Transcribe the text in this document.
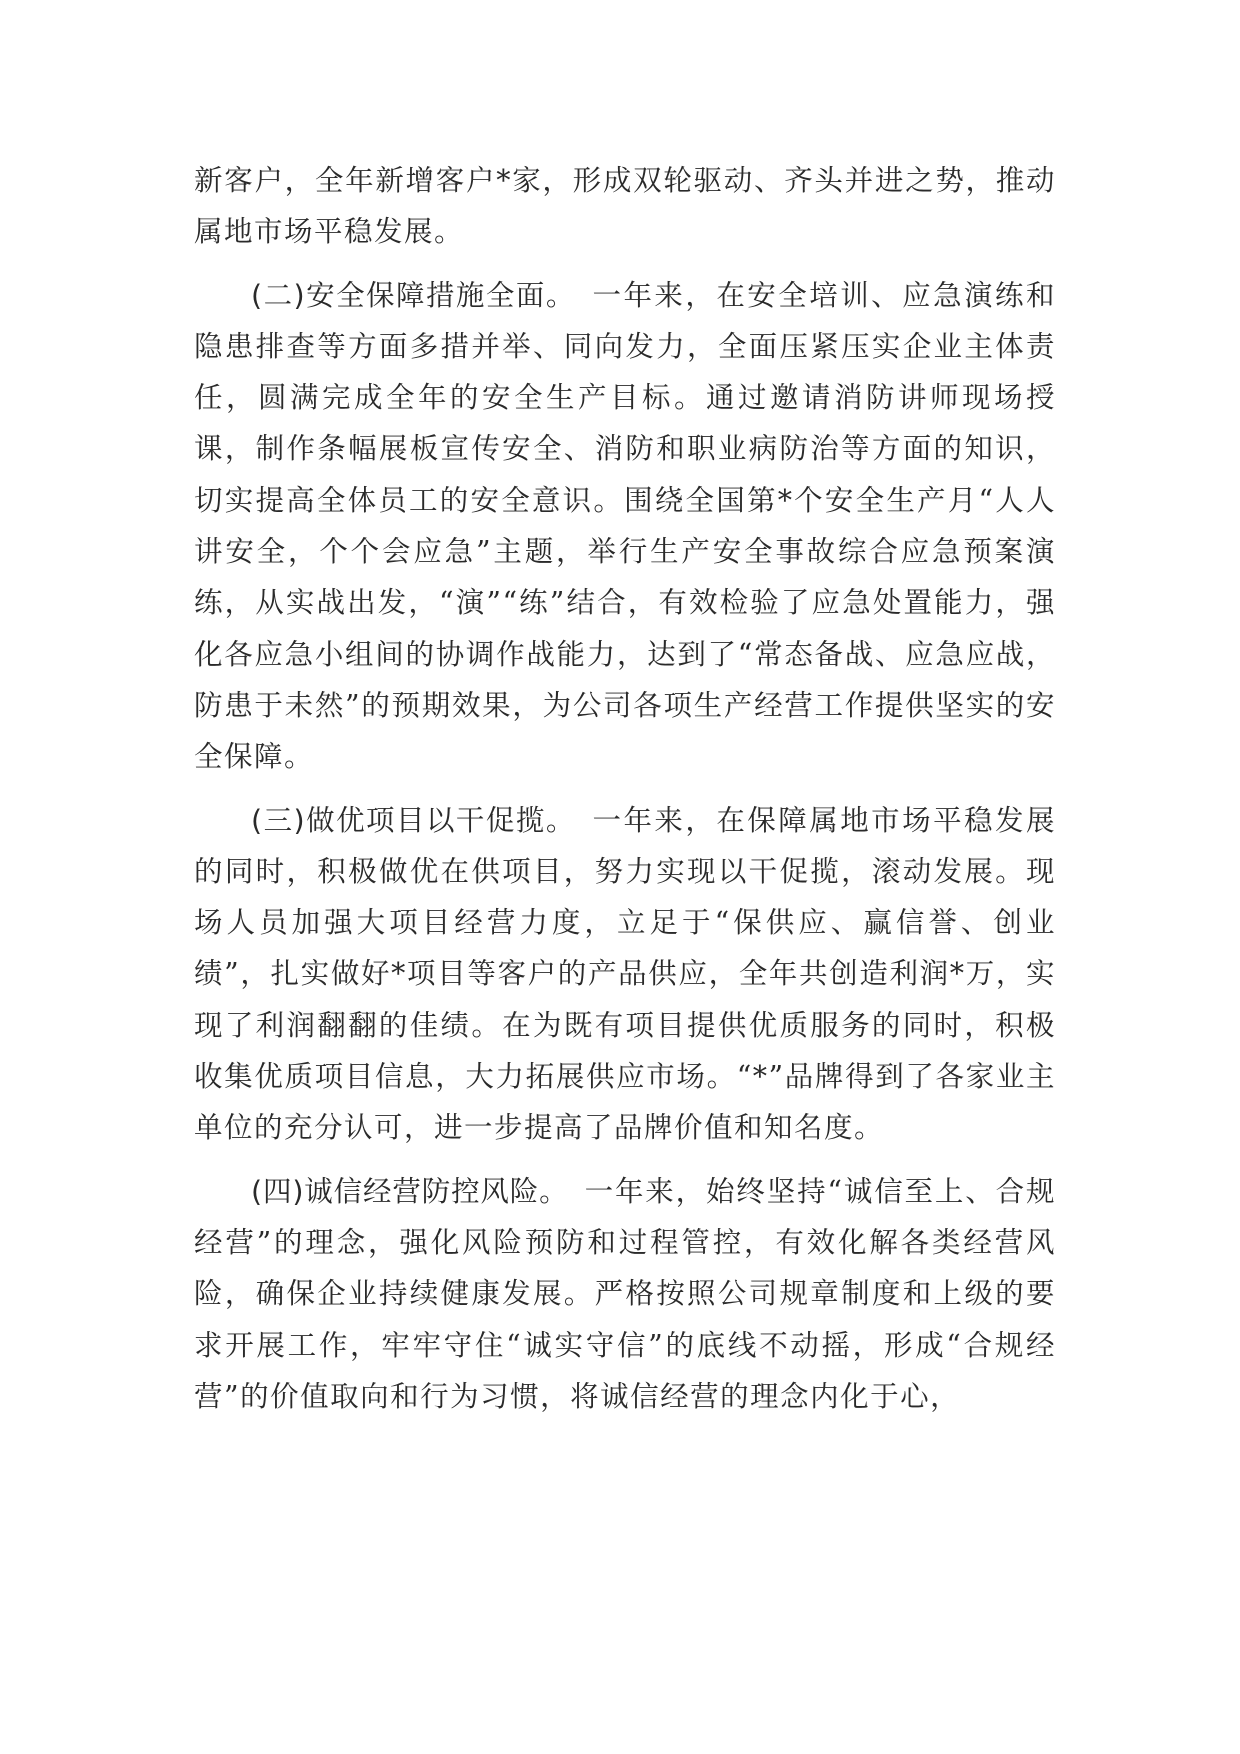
新客户，全年新增客户*家，形成双轮驱动、齐头并进之势，推动属地市场平稳发展。

(二)安全保障措施全面。　 一年来，在安全培训、应急演练和隐患排查等方面多措并举、同向发力，全面压紧压实企业主体责任，圆满完成全年的安全生产目标。通过邀请消防讲师现场授课，制作条幅展板宣传安全、消防和职业病防治等方面的知识，切实提高全体员工的安全意识。围绕全国第*个安全生产月“人人讲安全，个个会应急”主题，举行生产安全事故综合应急预案演练，从实战出发，“演”“练”结合，有效检验了应急处置能力，强化各应急小组间的协调作战能力，达到了“常态备战、应急应战，防患于未然”的预期效果，为公司各项生产经营工作提供坚实的安全保障。

(三)做优项目以干促揽。　 一年来，在保障属地市场平稳发展的同时，积极做优在供项目，努力实现以干促揽，滚动发展。现场人员加强大项目经营力度，立足于“保供应、赢信誉、创业绩”，扎实做好*项目等客户的产品供应，全年共创造利润*万，实现了利润翻翻的佳绩。在为既有项目提供优质服务的同时，积极收集优质项目信息，大力拓展供应市场。“*”品牌得到了各家业主单位的充分认可，进一步提高了品牌价值和知名度。

(四)诚信经营防控风险。　 一年来，始终坚持“诚信至上、合规经营”的理念，强化风险预防和过程管控，有效化解各类经营风险，确保企业持续健康发展。严格按照公司规章制度和上级的要求开展工作，牢牢守住“诚实守信”的底线不动摇，形成“合规经营”的价值取向和行为习惯，将诚信经营的理念内化于心，
